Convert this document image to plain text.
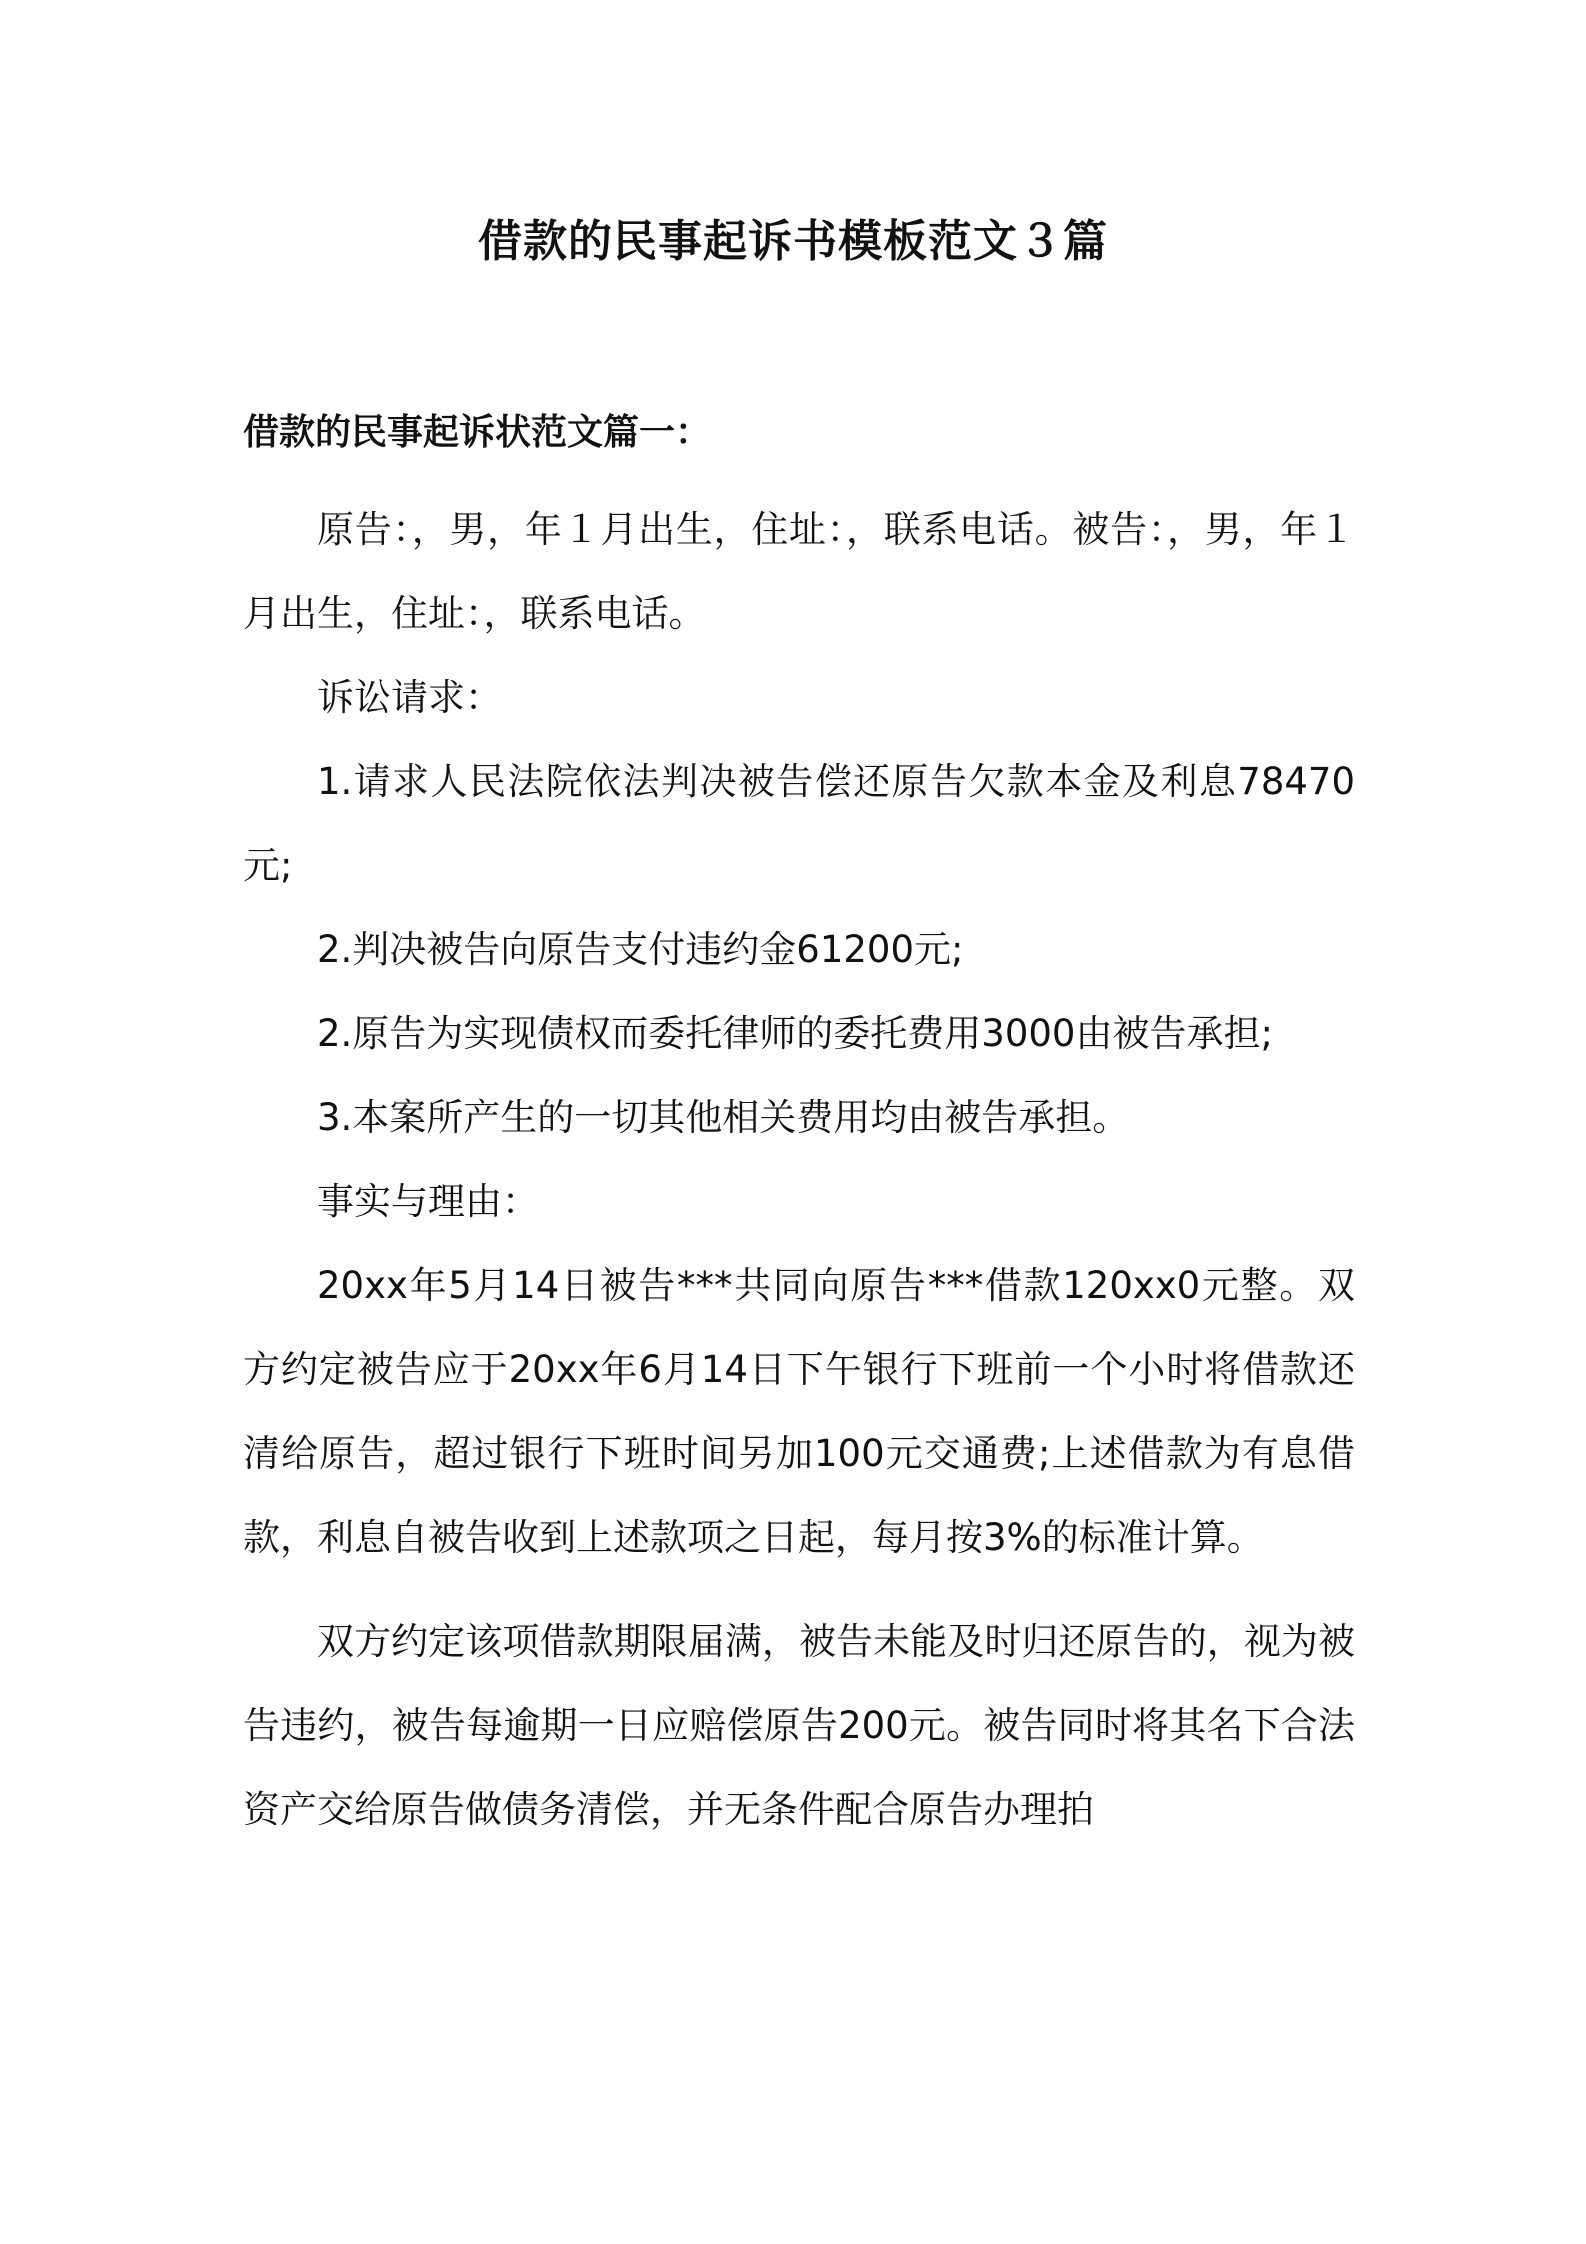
借款的民事起诉书模板范文３篇
借款的民事起诉状范文篇一：

原告：，男，年１月出生，住址：，联系电话。被告：，男，年１月出生，住址：，联系电话。

诉讼请求：

1.请求人民法院依法判决被告偿还原告欠款本金及利息78470元;

2.判决被告向原告支付违约金61200元;

2.原告为实现债权而委托律师的委托费用3000由被告承担;

3.本案所产生的一切其他相关费用均由被告承担。

事实与理由：

20xx年5月14日被告***共同向原告***借款120xx0元整。双方约定被告应于20xx年6月14日下午银行下班前一个小时将借款还清给原告，超过银行下班时间另加100元交通费;上述借款为有息借款，利息自被告收到上述款项之日起，每月按3%的标准计算。

双方约定该项借款期限届满，被告未能及时归还原告的，视为被告违约，被告每逾期一日应赔偿原告200元。被告同时将其名下合法资产交给原告做债务清偿，并无条件配合原告办理拍
